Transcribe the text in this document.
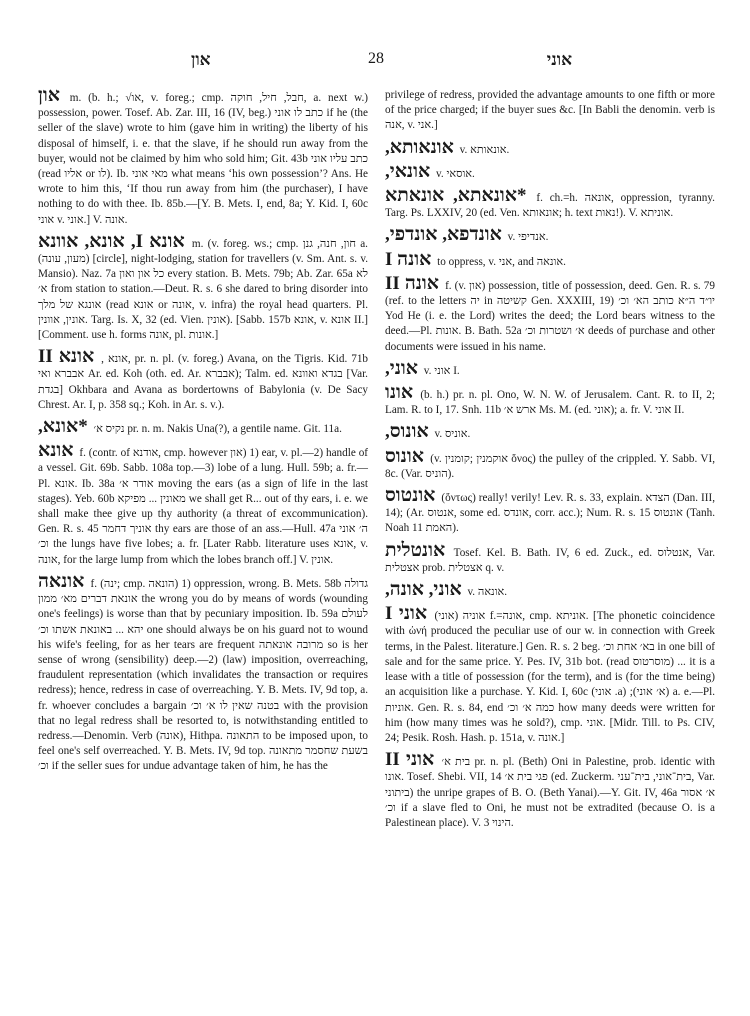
און	28	אוני

און m. (b. h.; √או, v. foreg.; cmp. חבל, חיל, חוקה, a. next w.) possession, power. Tosef. Ab. Zar. III, 16 (IV, beg.) כתב לו אוני if he (the seller of the slave) wrote to him (gave him in writing) the liberty of his disposal of himself, i. e. that the slave, if he should run away from the buyer, would not be claimed by him who sold him; Git. 43b כתב עליו אוני (read אליו or לו). Ib. מאי אוני what means ‘his own possession’? Ans. He wrote to him this, ‘If thou run away from him (the purchaser), I have nothing to do with thee. Ib. 85b.—[Y. B. Mets. I, end, 8a; Y. Kid. I, 60c אוני v. אוני.] V. אונה.

אונא I, אונא, אוונא m. (v. foreg. ws.; cmp. חון, חנה, גנן a. (מעון, עונה) [circle], night-lodging, station for travellers (v. Sm. Ant. s. v. Mansio). Naz. 7a כל און ואון every station. B. Mets. 79b; Ab. Zar. 65a לא א׳ from station to station.—Deut. R. s. 6 she dared to bring disorder into אונגא של מלך (read אונא or אונה, v. infra) the royal head quarters. Pl. אונין, אוונין. Targ. Is. X, 32 (ed. Vien. אונין). [Sabb. 157b אונא, v. אונא II.] [Comment. use h. forms אונה, pl. אונות.]

אונא II , אונא, pr. n. pl. (v. foreg.) Avana, on the Tigris. Kid. 71b אבברא ואי Ar. ed. Koh (oth. ed. Ar. אבברא); Talm. ed. בגדא ואוונא [Var. בגדת] Okhbara and Avana as bordertowns of Babylonia (v. De Sacy Chrest. Ar. I, p. 358 sq.; Koh. in Ar. s. v.).

*אונא, נקיס א׳ pr. n. m. Nakis Una(?), a gentile name. Git. 11a.

אונא f. (contr. of אודנא, cmp. however און) 1) ear, v. pl.—2) handle of a vessel. Git. 69b. Sabb. 108a top.—3) lobe of a lung. Hull. 59b; a. fr.—Pl. אונא. Ib. 38a אודר א׳ moving the ears (as a sign of life in the last stages). Yeb. 60b מאונין ... מפיקא we shall get R... out of thy ears, i. e. we shall make thee give up thy authority (a threat of excommunication). Gen. R. s. 45 אוניך דחמר thy ears are those of an ass.—Hull. 47a ה׳ אוני וכ׳ the lungs have five lobes; a. fr. [Later Rabb. literature uses אונא, v. אונה, for the large lump from which the lobes branch off.] V. אונין.

אונאה f. (ינה; cmp. הונאה) 1) oppression, wrong. B. Mets. 58b גדולה אונאת דברים מא׳ ממון the wrong you do by means of words (wounding one's feelings) is worse than that by pecuniary imposition. Ib. 59a לעולם יהא ... באונאת אשתו וכ׳ one should always be on his guard not to wound his wife's feeling, for as her tears are frequent מרובה אונאתה so is her sense of wrong (sensibility) deep.—2) (law) imposition, overreaching, fraudulent representation (which invalidates the transaction or requires redress); hence, redress in case of overreaching. Y. B. Mets. IV, 9d top, a. fr. whoever concludes a bargain בטנה שאין לו א׳ וכ׳ with the provision that no legal redress shall be resorted to, is notwithstanding entitled to redress.—Denomin. Verb (אונה), Hithpa. התאונה to be imposed upon, to feel one's self overreached. Y. B. Mets. IV, 9d top. בשעת שחסמר מתאונה וכ׳ if the seller sues for undue advantage taken of him, he has the

privilege of redress, provided the advantage amounts to one fifth or more of the price charged; if the buyer sues &c. [In Babli the denomin. verb is אנה, v. אני.]

אונאותא, v. אונאותא.

אונאי, v. אוסאי.

*אונאתא, אונאתא f. ch.=h. אונאה, oppression, tyranny. Targ. Ps. LXXIV, 20 (ed. Ven. אונאותא; h. text נאות!). V. אוניתא.

אונדפא, אונדפי, v. אנדיפי.

אונה I to oppress, v. אני, and אונאה.

אונה II f. (v. און) possession, title of possession, deed. Gen. R. s. 79 (ref. to the letters יה in קשיטה Gen. XXXIII, 19) יו״ד ה״א כותב הא׳ וכ׳ Yod He (i. e. the Lord) writes the deed; the Lord bears witness to the deed.—Pl. אונות. B. Bath. 52a א׳ ושטרות וכ׳ deeds of purchase and other documents were issued in his name.

אוני, v. אוני I.

אונו (b. h.) pr. n. pl. Ono, W. N. W. of Jerusalem. Cant. R. to II, 2; Lam. R. to I, 17. Snh. 11b ארש א׳ Ms. M. (ed. אוני); a. fr. V. אוני II.

אונוס, v. אוניס.

אונוס (v. אוקמנין ;קומנין ὄνος) the pulley of the crippled. Y. Sabb. VI, 8c. (Var. הוניס).

אונטוס (ὄντως) really! verily! Lev. R. s. 33, explain. הצדא (Dan. III, 14); (Ar. אנטוס, some ed. אונדס, corr. acc.); Num. R. s. 15 אונטוס (Tanh. Noah 11 האמת).

אונטלית Tosef. Kel. B. Bath. IV, 6 ed. Zuck., ed. אנטלוס, Var. אצטלית prob. אצטלית q. v.

אוני, אונה, v. אונאה.

אוני I (אוני) אוניה f.=אונה, cmp. אוניתא. [The phonetic coincidence with ὠνή produced the peculiar use of our w. in connection with Greek terms, in the Palest. literature.] Gen. R. s. 2 beg. בא׳ אחת וכ׳ in one bill of sale and for the same price. Y. Pes. IV, 31b bot. (read מוסרטוס) ... it is a lease with a title of possession (for the term), and is (for the time being) an acquisition like a purchase. Y. Kid. I, 60c (אוני .a) ;(א׳ אוני) a. e.—Pl. אוניות. Gen. R. s. 84, end כמה א׳ וכ׳ how many deeds were written for him (how many times was he sold?), cmp. אוני. [Midr. Till. to Ps. CIV, 24; Pesik. Rosh. Hash. p. 151a, v. אונה.]

אוני II בית א׳ pr. n. pl. (Beth) Oni in Palestine, prob. identic with אונו. Tosef. Shebi. VII, 14 פגי בית א׳ (ed. Zuckerm. בית־אוני, בית־עני, Var. ביתוני) the unripe grapes of B. O. (Beth Yanai).—Y. Git. IV, 46a א׳ אסור וכ׳ if a slave fled to Oni, he must not be extradited (because O. is a Palestinean place). V. הינוי 3.
